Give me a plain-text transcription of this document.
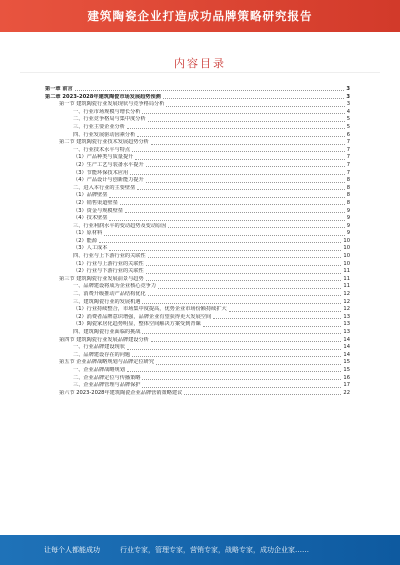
建筑陶瓷企业打造成功品牌策略研究报告
内容目录
第一章 前言	3
第二章 2023-2028年建筑陶瓷市场发展趋势预测	3
第一节 建筑陶瓷行业发展现状与竞争格局分析	3
一、行业市场规模与增长分析	4
二、行业竞争格局与集中度分析	5
三、行业主要企业分析	5
四、行业发展驱动因素分析	6
第二节 建筑陶瓷行业技术发展趋势分析	7
一、行业技术水平与特点	7
（1）产品种类与质量提升	7
（2）生产工艺与装备水平提升	7
（3）节能环保技术应用	7
（4）产品设计与创新能力提升	8
二、进入本行业的主要壁垒	8
（1）品牌壁垒	8
（2）销售渠道壁垒	8
（3）资金与规模壁垒	9
（4）技术壁垒	9
三、行业利润水平的变动趋势及变动原因	9
（1）原材料	9
（2）能源	10
（3）人工成本	10
四、行业与上下游行业的关联性	10
（1）行业与上游行业的关联性	10
（2）行业与下游行业的关联性	11
第三节 建筑陶瓷行业发展前景与趋势	11
一、品牌建设将成为企业核心竞争力	11
二、消费升级推动产品结构优化	12
三、建筑陶瓷行业的发展机遇	12
（1）行业持续整合，市场集中度提高，优势企业市场份额持续扩大	12
（2）消费者品牌意识增强，品牌企业有望获得更大发展空间	13
（3）陶瓷家居化趋势明显，整体空间解决方案受到青睐	13
四、建筑陶瓷行业面临的挑战	13
第四节 建筑陶瓷行业发展品牌建设分析	14
一、行业品牌建设现状	14
二、品牌建设存在的问题	14
第五节 企业品牌战略规划与品牌定位研究	15
一、企业品牌战略规划	15
二、企业品牌定位与传播策略	16
三、企业品牌管理与品牌保护	17
第六节 2023-2028年建筑陶瓷企业品牌营销策略建议	22
让每个人都能成功	行业专家，管理专家，营销专家，战略专家，成功企业家……
